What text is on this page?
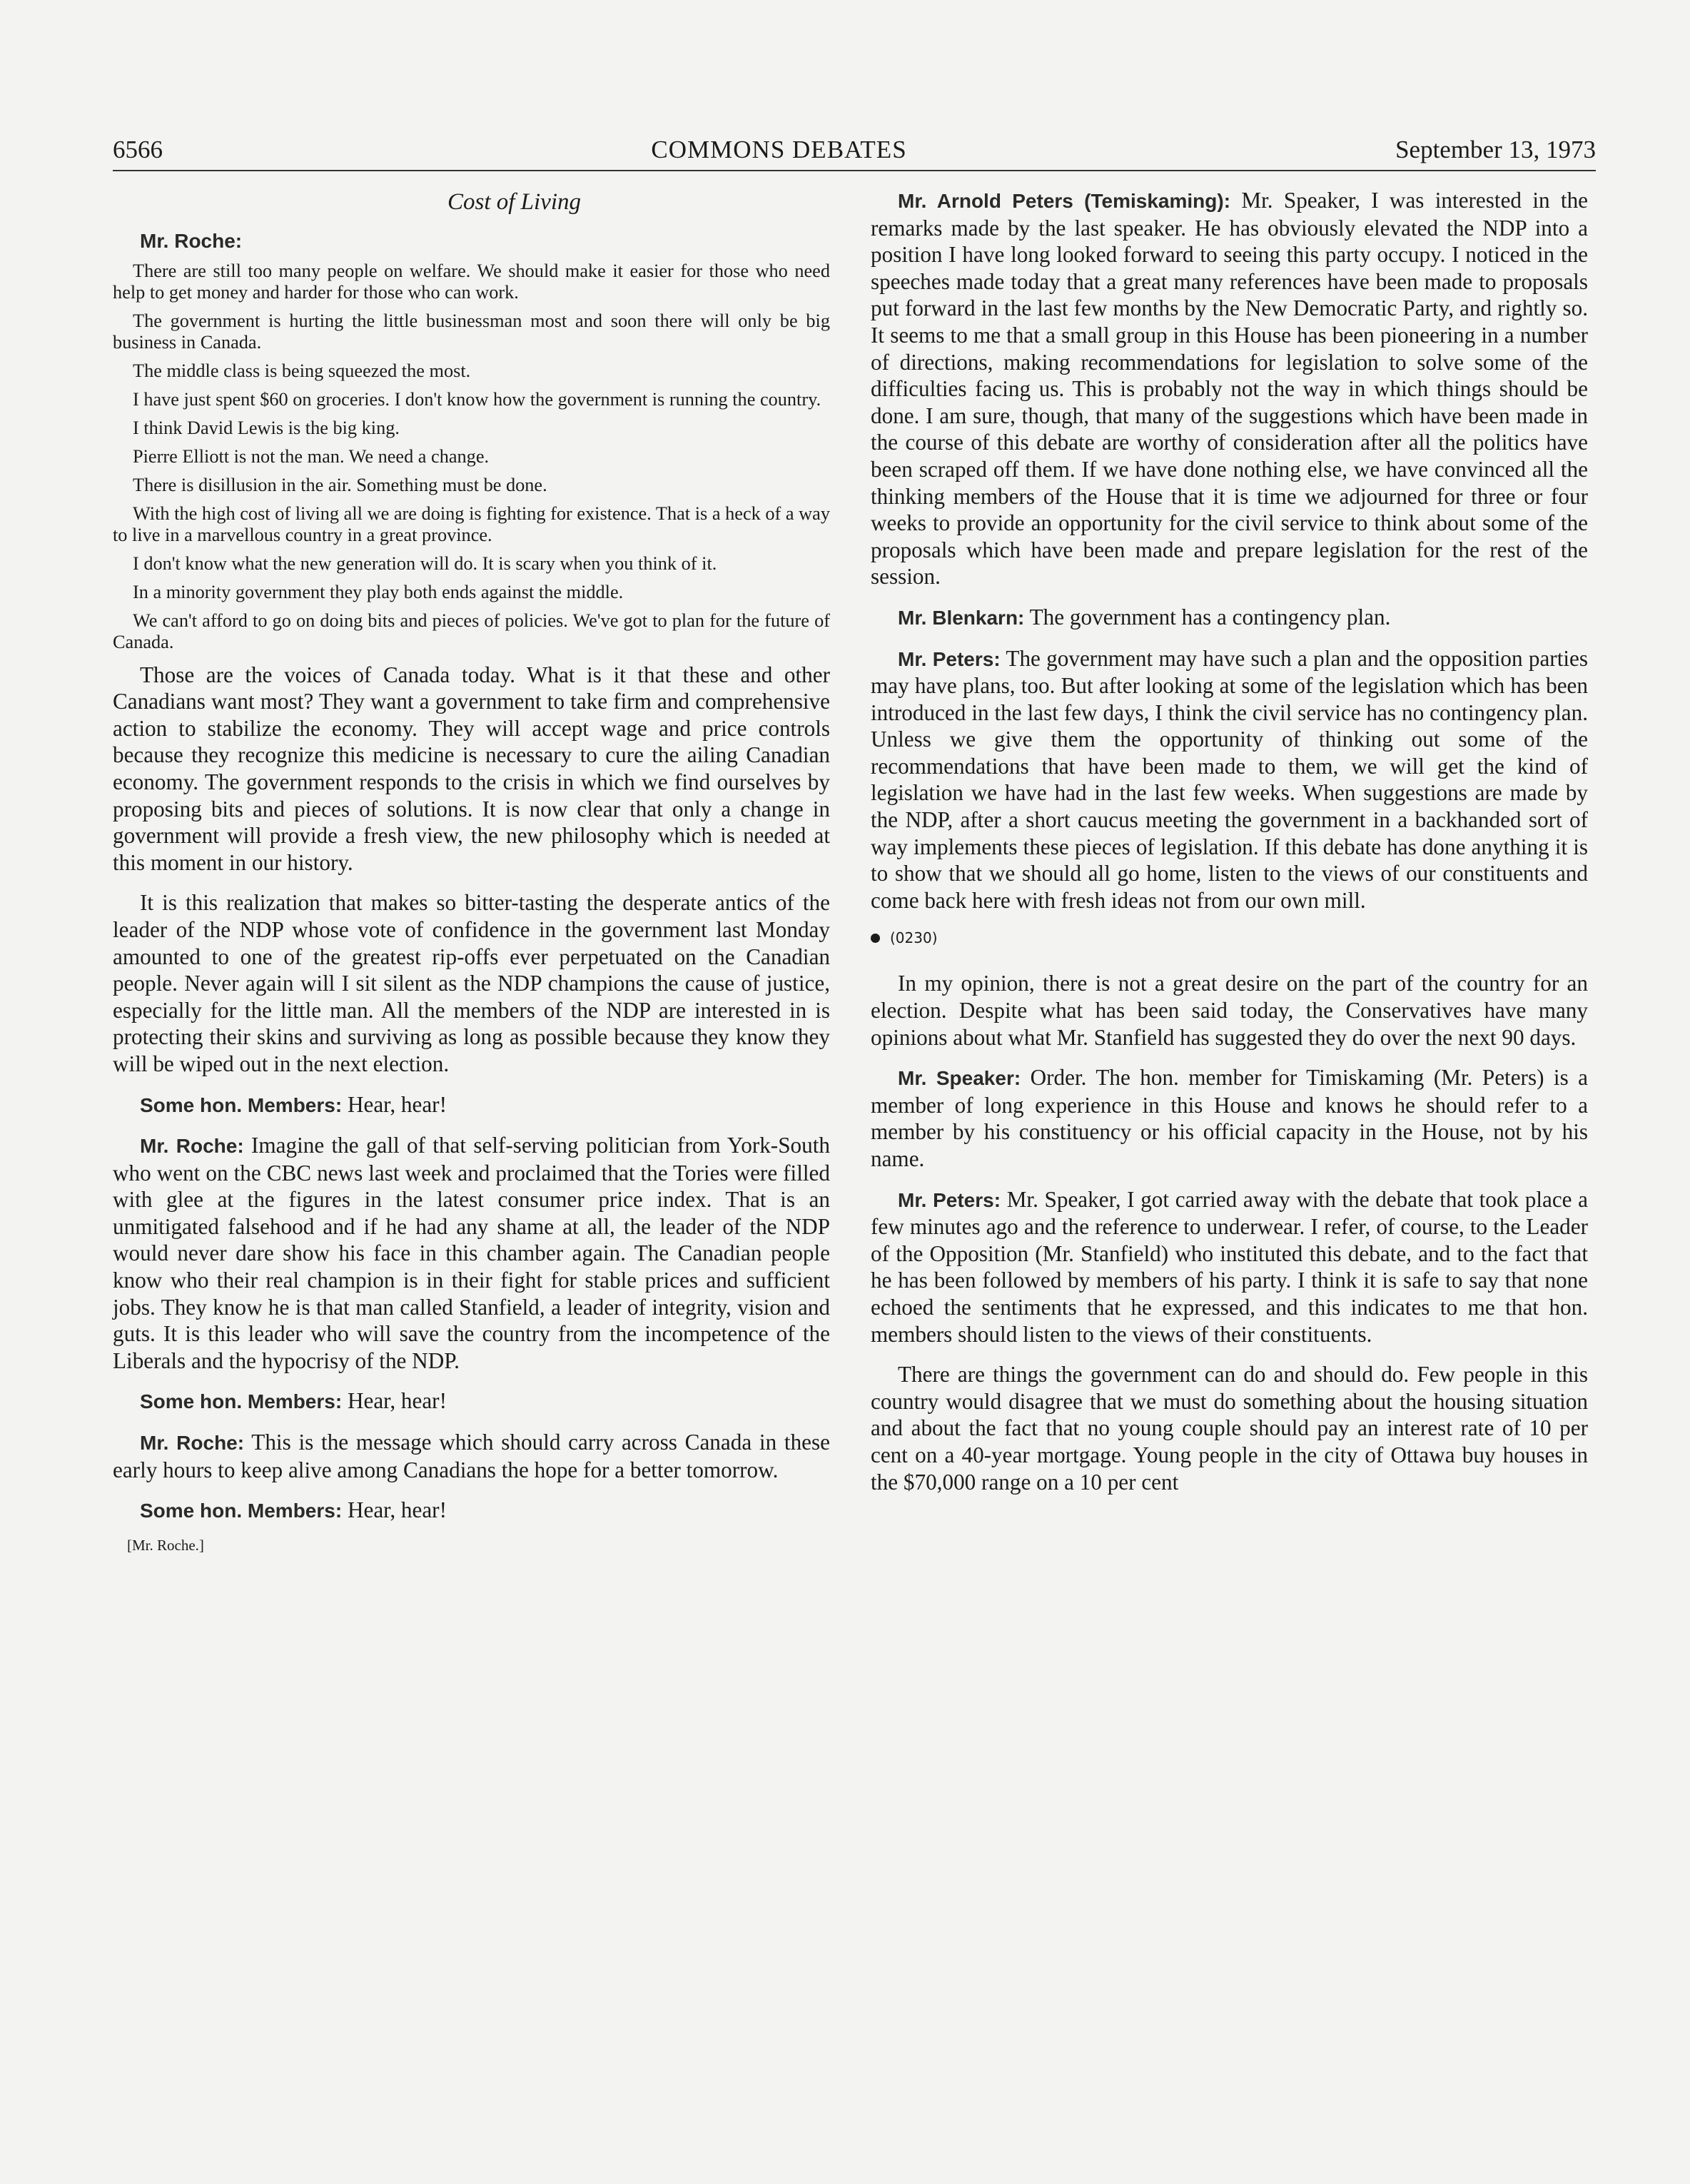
6566	COMMONS DEBATES	September 13, 1973
Cost of Living

Mr. Roche:

There are still too many people on welfare. We should make it easier for those who need help to get money and harder for those who can work.

The government is hurting the little businessman most and soon there will only be big business in Canada.

The middle class is being squeezed the most.

I have just spent $60 on groceries. I don't know how the government is running the country.

I think David Lewis is the big king.

Pierre Elliott is not the man. We need a change.

There is disillusion in the air. Something must be done.

With the high cost of living all we are doing is fighting for existence. That is a heck of a way to live in a marvellous country in a great province.

I don't know what the new generation will do. It is scary when you think of it.

In a minority government they play both ends against the middle.

We can't afford to go on doing bits and pieces of policies. We've got to plan for the future of Canada.

Those are the voices of Canada today. What is it that these and other Canadians want most? They want a government to take firm and comprehensive action to stabilize the economy. They will accept wage and price controls because they recognize this medicine is necessary to cure the ailing Canadian economy. The government responds to the crisis in which we find ourselves by proposing bits and pieces of solutions. It is now clear that only a change in government will provide a fresh view, the new philosophy which is needed at this moment in our history.

It is this realization that makes so bitter-tasting the desperate antics of the leader of the NDP whose vote of confidence in the government last Monday amounted to one of the greatest rip-offs ever perpetuated on the Canadian people. Never again will I sit silent as the NDP champions the cause of justice, especially for the little man. All the members of the NDP are interested in is protecting their skins and surviving as long as possible because they know they will be wiped out in the next election.

Some hon. Members: Hear, hear!

Mr. Roche: Imagine the gall of that self-serving politician from York-South who went on the CBC news last week and proclaimed that the Tories were filled with glee at the figures in the latest consumer price index. That is an unmitigated falsehood and if he had any shame at all, the leader of the NDP would never dare show his face in this chamber again. The Canadian people know who their real champion is in their fight for stable prices and sufficient jobs. They know he is that man called Stanfield, a leader of integrity, vision and guts. It is this leader who will save the country from the incompetence of the Liberals and the hypocrisy of the NDP.

Some hon. Members: Hear, hear!

Mr. Roche: This is the message which should carry across Canada in these early hours to keep alive among Canadians the hope for a better tomorrow.

Some hon. Members: Hear, hear!

[Mr. Roche.]

Mr. Arnold Peters (Temiskaming): Mr. Speaker, I was interested in the remarks made by the last speaker. He has obviously elevated the NDP into a position I have long looked forward to seeing this party occupy. I noticed in the speeches made today that a great many references have been made to proposals put forward in the last few months by the New Democratic Party, and rightly so. It seems to me that a small group in this House has been pioneering in a number of directions, making recommendations for legislation to solve some of the difficulties facing us. This is probably not the way in which things should be done. I am sure, though, that many of the suggestions which have been made in the course of this debate are worthy of consideration after all the politics have been scraped off them. If we have done nothing else, we have convinced all the thinking members of the House that it is time we adjourned for three or four weeks to provide an opportunity for the civil service to think about some of the proposals which have been made and prepare legislation for the rest of the session.

Mr. Blenkarn: The government has a contingency plan.

Mr. Peters: The government may have such a plan and the opposition parties may have plans, too. But after looking at some of the legislation which has been introduced in the last few days, I think the civil service has no contingency plan. Unless we give them the opportunity of thinking out some of the recommendations that have been made to them, we will get the kind of legislation we have had in the last few weeks. When suggestions are made by the NDP, after a short caucus meeting the government in a backhanded sort of way implements these pieces of legislation. If this debate has done anything it is to show that we should all go home, listen to the views of our constituents and come back here with fresh ideas not from our own mill.

(0230)

In my opinion, there is not a great desire on the part of the country for an election. Despite what has been said today, the Conservatives have many opinions about what Mr. Stanfield has suggested they do over the next 90 days.

Mr. Speaker: Order. The hon. member for Timiskaming (Mr. Peters) is a member of long experience in this House and knows he should refer to a member by his constituency or his official capacity in the House, not by his name.

Mr. Peters: Mr. Speaker, I got carried away with the debate that took place a few minutes ago and the reference to underwear. I refer, of course, to the Leader of the Opposition (Mr. Stanfield) who instituted this debate, and to the fact that he has been followed by members of his party. I think it is safe to say that none echoed the sentiments that he expressed, and this indicates to me that hon. members should listen to the views of their constituents.

There are things the government can do and should do. Few people in this country would disagree that we must do something about the housing situation and about the fact that no young couple should pay an interest rate of 10 per cent on a 40-year mortgage. Young people in the city of Ottawa buy houses in the $70,000 range on a 10 per cent
